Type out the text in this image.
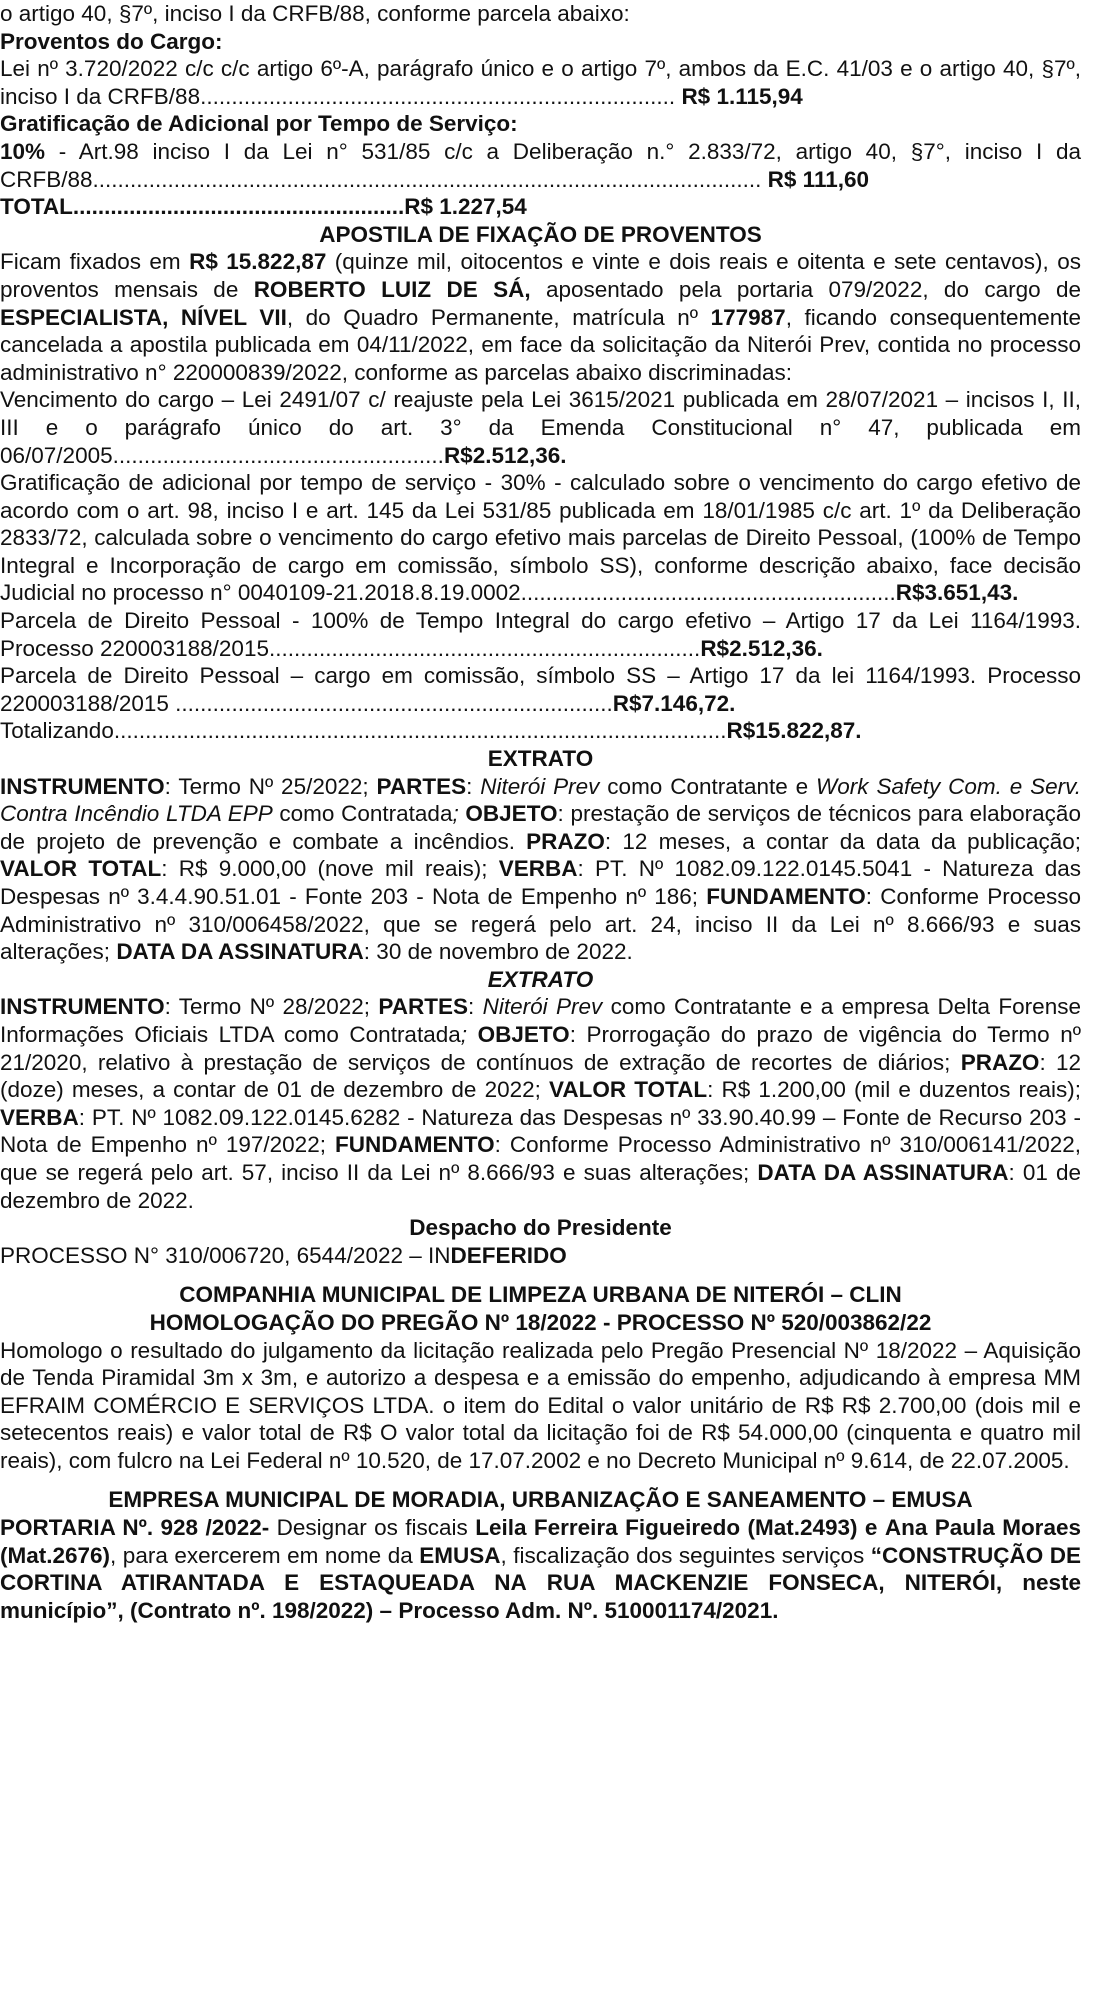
o artigo 40, §7º, inciso I da CRFB/88, conforme parcela abaixo:

Proventos do Cargo:

Lei nº 3.720/2022 c/c c/c artigo 6º-A, parágrafo único e o artigo 7º, ambos da E.C. 41/03 e o artigo 40, §7º, inciso I da CRFB/88............................................................................ R$ 1.115,94

Gratificação de Adicional por Tempo de Serviço:

10% - Art.98 inciso I da Lei n° 531/85 c/c a Deliberação n.° 2.833/72, artigo 40, §7°, inciso I da CRFB/88........................................................................................................... R$ 111,60

TOTAL.....................................................R$ 1.227,54

APOSTILA DE FIXAÇÃO DE PROVENTOS

Ficam fixados em R$ 15.822,87 (quinze mil, oitocentos e vinte e dois reais e oitenta e sete centavos), os proventos mensais de ROBERTO LUIZ DE SÁ, aposentado pela portaria 079/2022, do cargo de ESPECIALISTA, NÍVEL VII, do Quadro Permanente, matrícula nº 177987, ficando consequentemente cancelada a apostila publicada em 04/11/2022, em face da solicitação da Niterói Prev, contida no processo administrativo n° 220000839/2022, conforme as parcelas abaixo discriminadas:

Vencimento do cargo – Lei 2491/07 c/ reajuste pela Lei 3615/2021 publicada em 28/07/2021 – incisos I, II, III e o parágrafo único do art. 3° da Emenda Constitucional n° 47, publicada em 06/07/2005.....................................................R$2.512,36.

Gratificação de adicional por tempo de serviço - 30% - calculado sobre o vencimento do cargo efetivo de acordo com o art. 98, inciso I e art. 145 da Lei 531/85 publicada em 18/01/1985 c/c art. 1º da Deliberação 2833/72, calculada sobre o vencimento do cargo efetivo mais parcelas de Direito Pessoal, (100% de Tempo Integral e Incorporação de cargo em comissão, símbolo SS), conforme descrição abaixo, face decisão Judicial no processo n° 0040109-21.2018.8.19.0002............................................................R$3.651,43.

Parcela de Direito Pessoal - 100% de Tempo Integral do cargo efetivo – Artigo 17 da Lei 1164/1993. Processo 220003188/2015.....................................................................R$2.512,36.

Parcela de Direito Pessoal – cargo em comissão, símbolo SS – Artigo 17 da lei 1164/1993. Processo 220003188/2015 ......................................................................R$7.146,72.

Totalizando..................................................................................................R$15.822,87.

EXTRATO

INSTRUMENTO: Termo Nº 25/2022; PARTES: Niterói Prev como Contratante e Work Safety Com. e Serv. Contra Incêndio LTDA EPP como Contratada; OBJETO: prestação de serviços de técnicos para elaboração de projeto de prevenção e combate a incêndios. PRAZO: 12 meses, a contar da data da publicação; VALOR TOTAL: R$ 9.000,00 (nove mil reais); VERBA: PT. Nº 1082.09.122.0145.5041 - Natureza das Despesas nº 3.4.4.90.51.01 - Fonte 203 - Nota de Empenho nº 186; FUNDAMENTO: Conforme Processo Administrativo nº 310/006458/2022, que se regerá pelo art. 24, inciso II da Lei nº 8.666/93 e suas alterações; DATA DA ASSINATURA: 30 de novembro de 2022.

EXTRATO

INSTRUMENTO: Termo Nº 28/2022; PARTES: Niterói Prev como Contratante e a empresa Delta Forense Informações Oficiais LTDA como Contratada; OBJETO: Prorrogação do prazo de vigência do Termo nº 21/2020, relativo à prestação de serviços de contínuos de extração de recortes de diários; PRAZO: 12 (doze) meses, a contar de 01 de dezembro de 2022; VALOR TOTAL: R$ 1.200,00 (mil e duzentos reais); VERBA: PT. Nº 1082.09.122.0145.6282 - Natureza das Despesas nº 33.90.40.99 – Fonte de Recurso 203 - Nota de Empenho nº 197/2022; FUNDAMENTO: Conforme Processo Administrativo nº 310/006141/2022, que se regerá pelo art. 57, inciso II da Lei nº 8.666/93 e suas alterações; DATA DA ASSINATURA: 01 de dezembro de 2022.

Despacho do Presidente

PROCESSO N° 310/006720, 6544/2022 – INDEFERIDO

COMPANHIA MUNICIPAL DE LIMPEZA URBANA DE NITERÓI – CLIN

HOMOLOGAÇÃO DO PREGÃO Nº 18/2022 - PROCESSO Nº 520/003862/22

Homologo o resultado do julgamento da licitação realizada pelo Pregão Presencial Nº 18/2022 – Aquisição de Tenda Piramidal 3m x 3m, e autorizo a despesa e a emissão do empenho, adjudicando à empresa MM EFRAIM COMÉRCIO E SERVIÇOS LTDA. o item do Edital o valor unitário de R$ R$ 2.700,00 (dois mil e setecentos reais) e valor total de R$ O valor total da licitação foi de R$ 54.000,00 (cinquenta e quatro mil reais), com fulcro na Lei Federal nº 10.520, de 17.07.2002 e no Decreto Municipal nº 9.614, de 22.07.2005.

EMPRESA MUNICIPAL DE MORADIA, URBANIZAÇÃO E SANEAMENTO – EMUSA

PORTARIA Nº. 928 /2022- Designar os fiscais Leila Ferreira Figueiredo (Mat.2493) e Ana Paula Moraes (Mat.2676), para exercerem em nome da EMUSA, fiscalização dos seguintes serviços “CONSTRUÇÃO DE CORTINA ATIRANTADA E ESTAQUEADA NA RUA MACKENZIE FONSECA, NITERÓI, neste município”, (Contrato nº. 198/2022) – Processo Adm. Nº. 510001174/2021.
